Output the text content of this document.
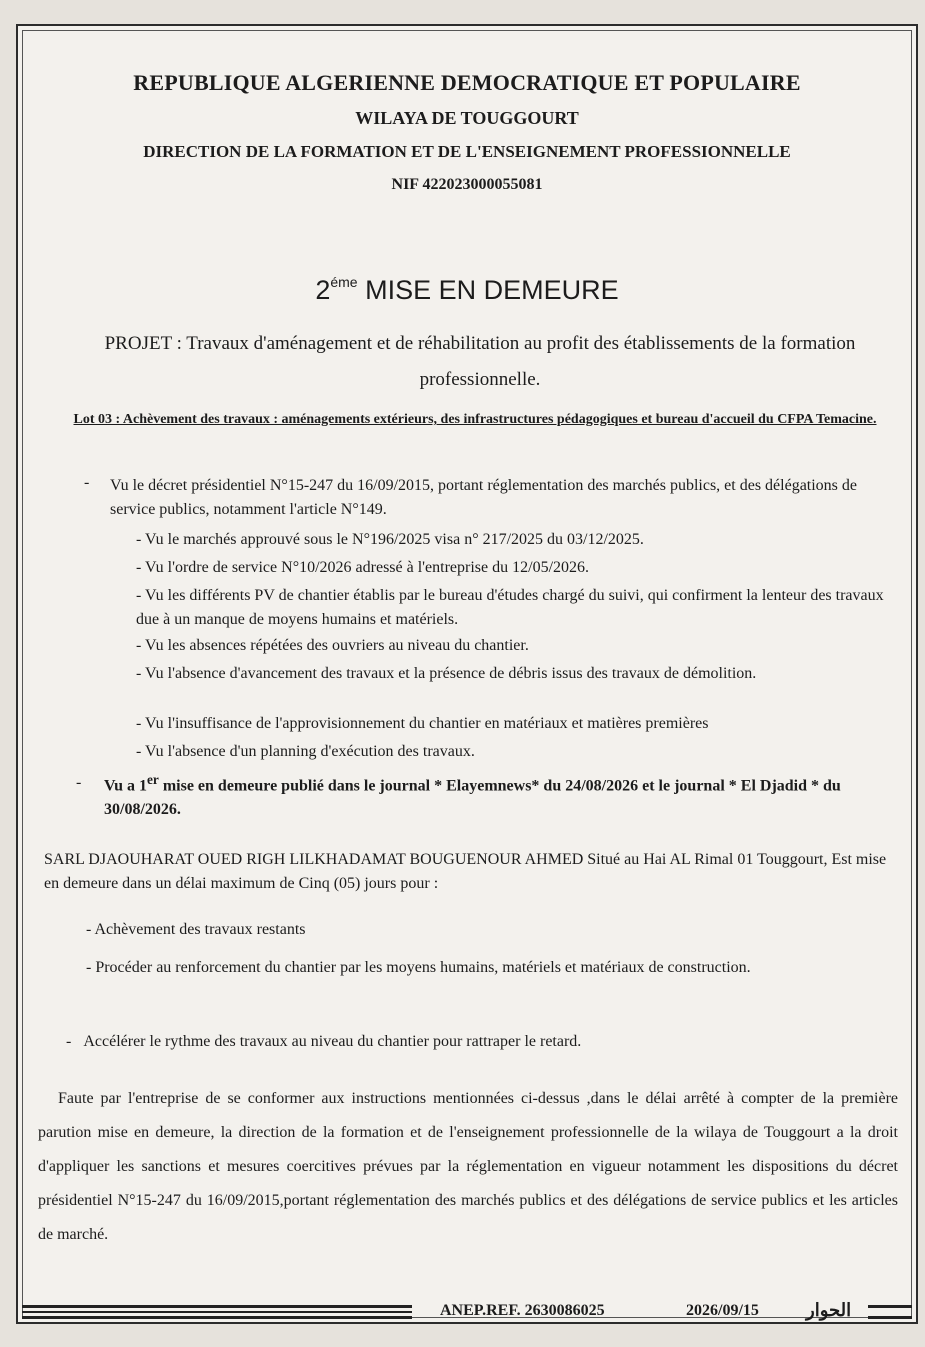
REPUBLIQUE ALGERIENNE DEMOCRATIQUE ET POPULAIRE
WILAYA DE TOUGGOURT
DIRECTION DE LA FORMATION ET DE L'ENSEIGNEMENT PROFESSIONNELLE
NIF 422023000055081
$2^{éme}$ MISE EN DEMEURE
PROJET : Travaux d'aménagement et de réhabilitation au profit des établissements de la formation professionnelle.
Lot 03 : Achèvement des travaux : aménagements extérieurs, des infrastructures pédagogiques et bureau d'accueil du CFPA Temacine.
- Vu le décret présidentiel N°15-247 du 16/09/2015, portant réglementation des marchés publics, et des délégations de service publics, notamment l'article N°149.
- Vu le marchés approuvé sous le N°196/2025 visa n° 217/2025 du 03/12/2025.
- Vu l'ordre de service N°10/2026 adressé à l'entreprise du 12/05/2026.
- Vu les différents PV de chantier établis par le bureau d'études chargé du suivi, qui confirment la lenteur des travaux due à un manque de moyens humains et matériels.
- Vu les absences répétées des ouvriers au niveau du chantier.
- Vu l'absence d'avancement des travaux et la présence de débris issus des travaux de démolition.
- Vu l'insuffisance de l'approvisionnement du chantier en matériaux et matières premières
- Vu l'absence d'un planning d'exécution des travaux.
- Vu a 1er mise en demeure publié dans le journal * Elayemnews* du 24/08/2026 et le journal * El Djadid * du 30/08/2026.
SARL DJAOUHARAT OUED RIGH LILKHADAMAT BOUGUENOUR AHMED Situé au Hai AL Rimal 01 Touggourt, Est mise en demeure dans un délai maximum de Cinq (05) jours pour :
- Achèvement des travaux restants
- Procéder au renforcement du chantier par les moyens humains, matériels et matériaux de construction.
-   Accélérer le rythme des travaux au niveau du chantier pour rattraper le retard.
Faute par l'entreprise de se conformer aux instructions mentionnées ci-dessus ,dans le délai arrêté à compter de la première parution mise en demeure, la direction de la formation et de l'enseignement professionnelle de la wilaya de Touggourt a la droit d'appliquer les sanctions et mesures coercitives prévues par la réglementation en vigueur notamment les dispositions du décret présidentiel N°15-247 du 16/09/2015,portant réglementation des marchés publics et des délégations de service publics et les articles de marché.
ANEP.REF. 2630086025	2026/09/15	الحوار
